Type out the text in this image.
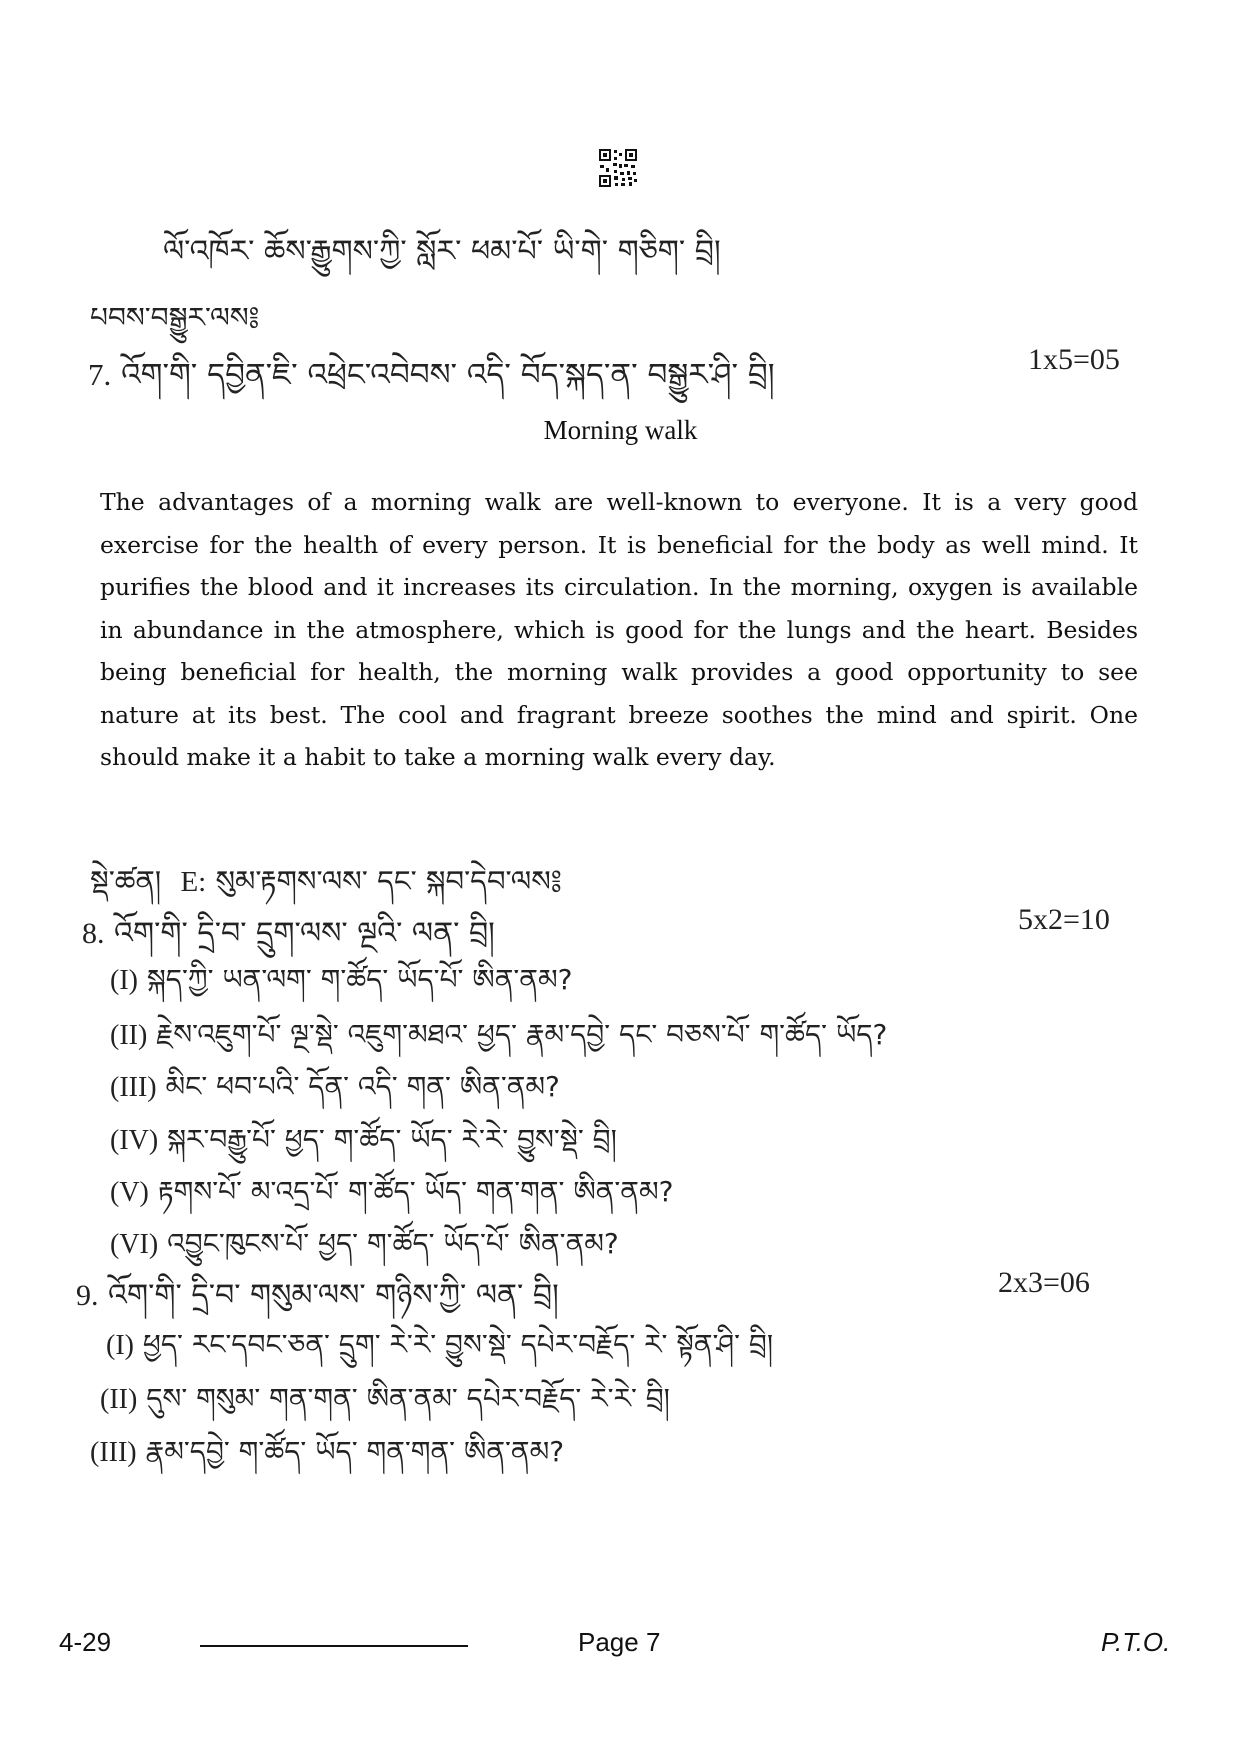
ལོ་འཁོར་ ཆོས་རྒྱུགས་ཀྱི་ སློར་ ཕམ་པོ་ ཡི་གེ་ གཅིག་ བྲི།
པབས་བསྒྱུར་ལས༔
7. འོག་གི་ དབྱིན་ཇི་ འཕྲེང་འབེབས་ འདི་ བོད་སྐད་ན་ བསྒྱུར་ཤི་ བྲི།	1x5=05
Morning walk
The advantages of a morning walk are well-known to everyone. It is a very good exercise for the health of every person. It is beneficial for the body as well mind. It purifies the blood and it increases its circulation. In the morning, oxygen is available in abundance in the atmosphere, which is good for the lungs and the heart. Besides being beneficial for health, the morning walk provides a good opportunity to see nature at its best. The cool and fragrant breeze soothes the mind and spirit. One should make it a habit to take a morning walk every day.
སྡེ་ཚན། E: སུམ་རྟགས་ལས་ དང་ སྐབ་དེབ་ལས༔
8. འོག་གི་ དྲི་བ་ དྲུག་ལས་ ལྔའི་ ལན་ བྲི།	5x2=10
(I) སྐད་ཀྱི་ ཡན་ལག་ ག་ཚོད་ ཡོད་པོ་ ཨིན་ནམ?
(II) རྗེས་འཇུག་པོ་ ལྔ་སྡེ་ འཇུག་མཐའ་ ཕྱད་ རྣམ་དབྱེ་ དང་ བཅས་པོ་ ག་ཚོད་ ཡོད?
(III) མིང་ ཕབ་པའི་ དོན་ འདི་ གན་ ཨིན་ནམ?
(IV) སྐར་བརྒྱུ་པོ་ ཕྱད་ ག་ཚོད་ ཡོད་ རེ་རེ་ བྱུས་སྡེ་ བྲི།
(V) རྟགས་པོ་ མ་འདྲ་པོ་ ག་ཚོད་ ཡོད་ གན་གན་ ཨིན་ནམ?
(VI) འབྱུང་ཁུངས་པོ་ ཕྱད་ ག་ཚོད་ ཡོད་པོ་ ཨིན་ནམ?
9. འོག་གི་ དྲི་བ་ གསུམ་ལས་ གཉིས་ཀྱི་ ལན་ བྲི།	2x3=06
(I) ཕྱད་ རང་དབང་ཅན་ དྲུག་ རེ་རེ་ བྱུས་སྡེ་ དཔེར་བརྗོད་ རེ་ སྟོན་ཤི་ བྲི།
(II) དུས་ གསུམ་ གན་གན་ ཨིན་ནམ་ དཔེར་བརྗོད་ རེ་རེ་ བྲི།
(III) རྣམ་དབྱེ་ ག་ཚོད་ ཡོད་ གན་གན་ ཨིན་ནམ?
4-29	Page 7	P.T.O.
